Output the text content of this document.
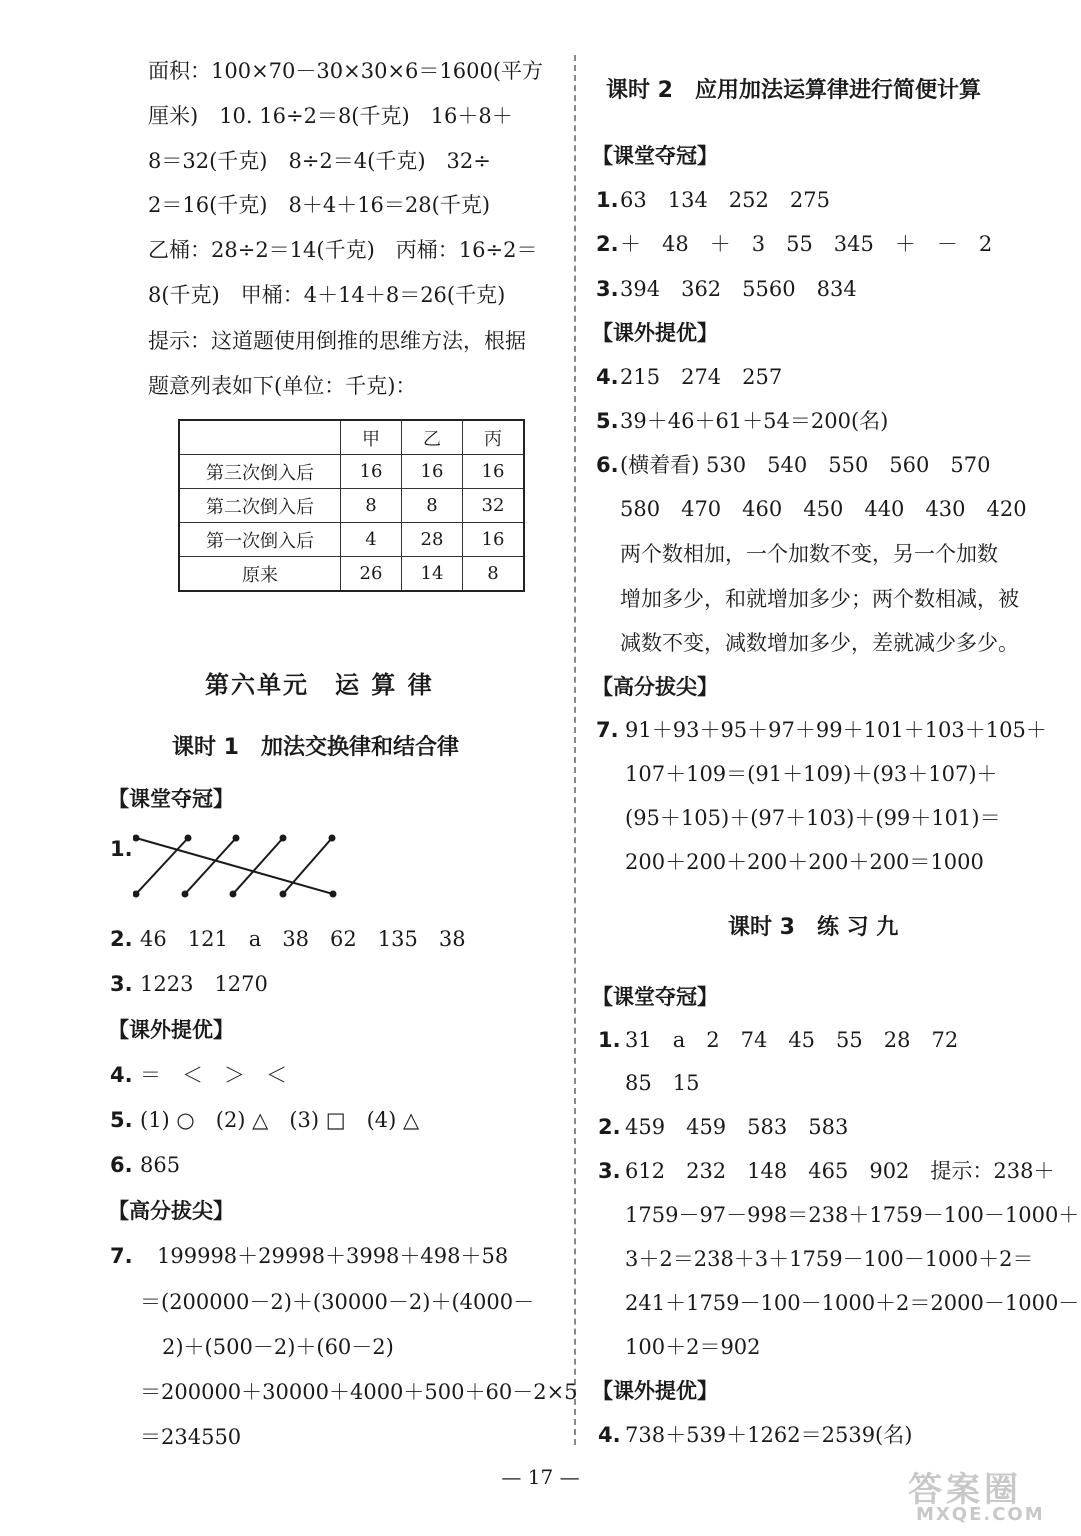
面积：100×70－30×30×6＝1600(平方
厘米)　10. 16÷2＝8(千克)　16＋8＋
8＝32(千克)　8÷2＝4(千克)　32÷
2＝16(千克)　8＋4＋16＝28(千克)
乙桶：28÷2＝14(千克)　丙桶：16÷2＝
8(千克)　甲桶：4＋14＋8＝26(千克)
提示：这道题使用倒推的思维方法，根据
题意列表如下(单位：千克)：
	甲	乙	丙
第三次倒入后	16	16	16
第二次倒入后	8	8	32
第一次倒入后	4	28	16
原来	26	14	8
第六单元　运 算 律
课时 1　加法交换律和结合律
【课堂夺冠】
1.
2. 46　121　a　38　62　135　38
3. 1223　1270
【课外提优】
4. ＝　＜　＞　＜
5. (1) ○　(2) △　(3) □　(4) △
6. 865
【高分拔尖】
7. 199998＋29998＋3998＋498＋58
＝(200000－2)＋(30000－2)＋(4000－
2)＋(500－2)＋(60－2)
＝200000＋30000＋4000＋500＋60－2×5
＝234550
课时 2　应用加法运算律进行简便计算
【课堂夺冠】
1. 63　134　252　275
2. ＋　48　＋　3　55　345　＋　－　2
3. 394　362　5560　834
【课外提优】
4. 215　274　257
5. 39＋46＋61＋54＝200(名)
6. (横着看) 530　540　550　560　570
580　470　460　450　440　430　420
两个数相加，一个加数不变，另一个加数
增加多少，和就增加多少；两个数相减，被
减数不变，减数增加多少，差就减少多少。
【高分拔尖】
7. 91＋93＋95＋97＋99＋101＋103＋105＋
107＋109＝(91＋109)＋(93＋107)＋
(95＋105)＋(97＋103)＋(99＋101)＝
200＋200＋200＋200＋200＝1000
课时 3　练 习 九
【课堂夺冠】
1. 31　a　2　74　45　55　28　72
85　15
2. 459　459　583　583
3. 612　232　148　465　902　提示：238＋
1759－97－998＝238＋1759－100－1000＋
3＋2＝238＋3＋1759－100－1000＋2＝
241＋1759－100－1000＋2＝2000－1000－
100＋2＝902
【课外提优】
4. 738＋539＋1262＝2539(名)
— 17 —	答案圈
MXQE.COM
